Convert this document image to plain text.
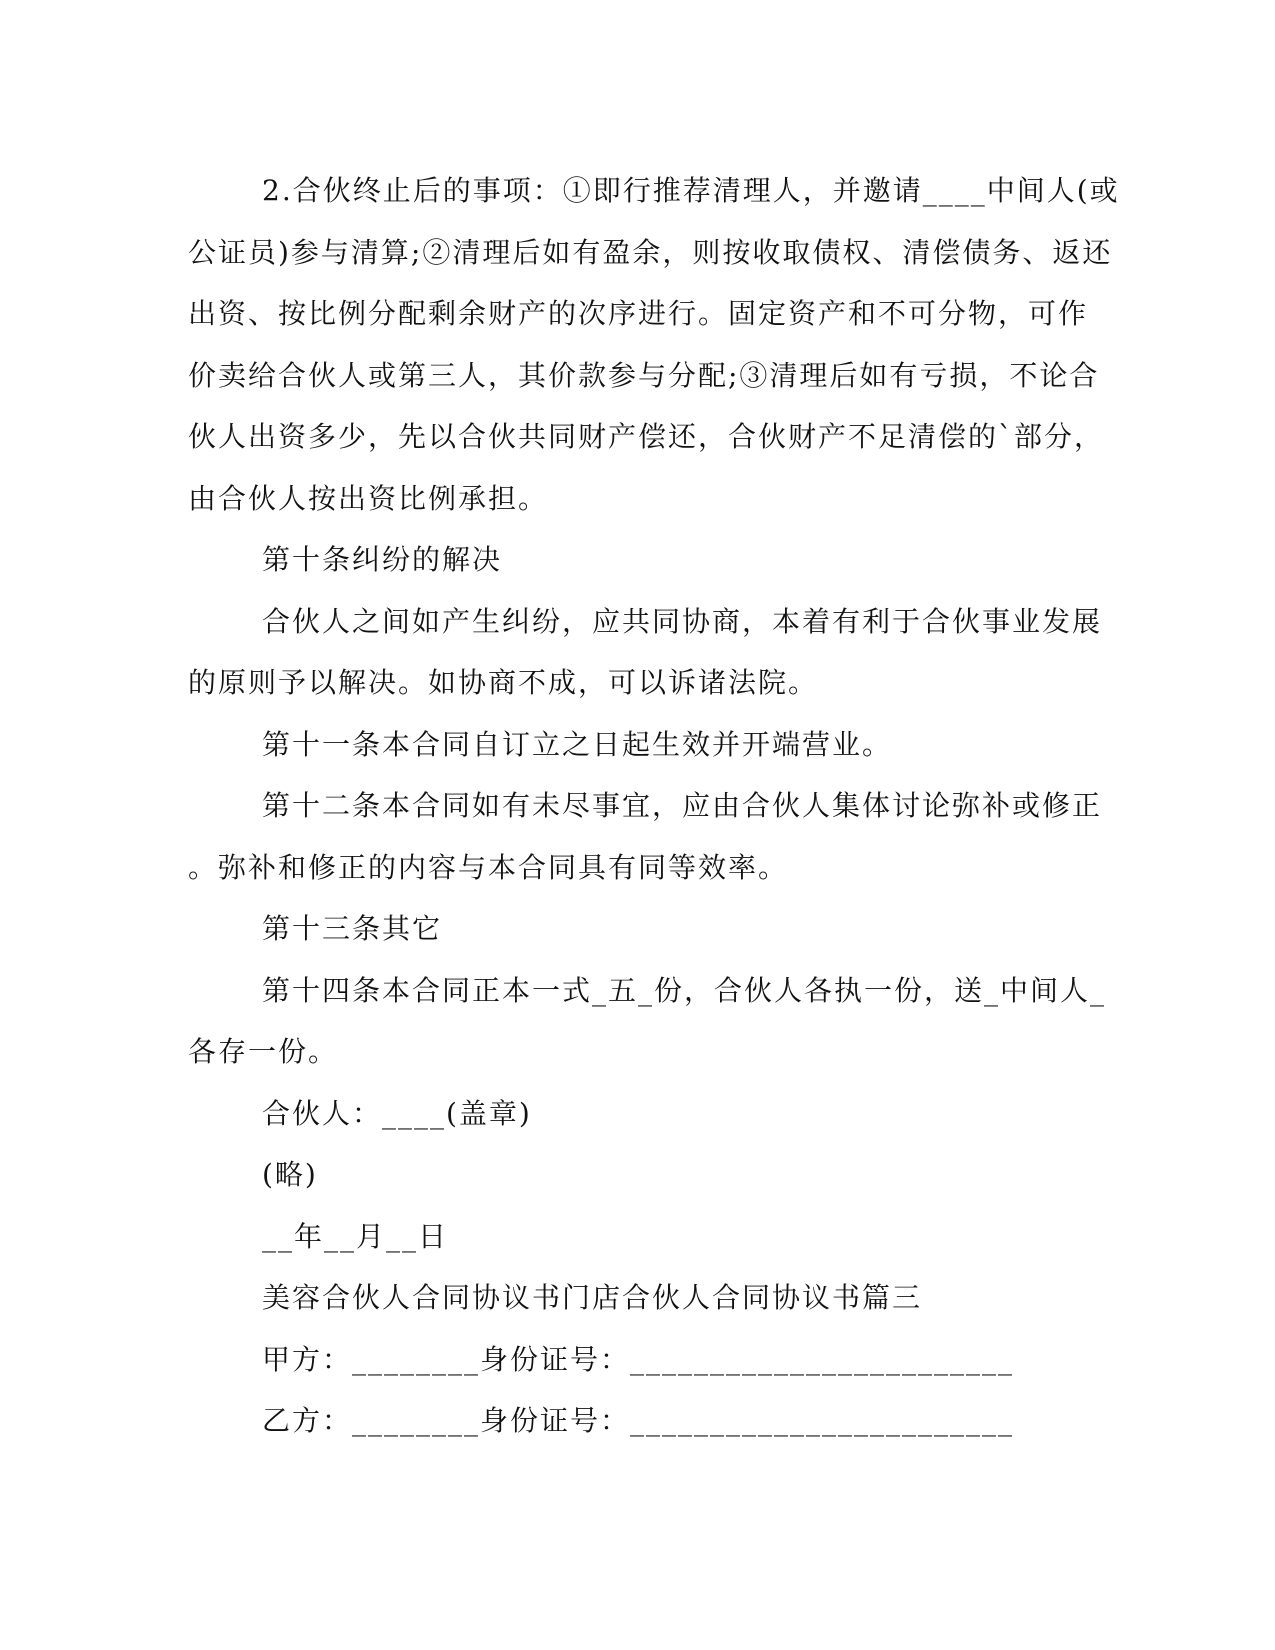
2.合伙终止后的事项：①即行推荐清理人，并邀请____中间人(或
公证员)参与清算;②清理后如有盈余，则按收取债权、清偿债务、返还
出资、按比例分配剩余财产的次序进行。固定资产和不可分物，可作
价卖给合伙人或第三人，其价款参与分配;③清理后如有亏损，不论合
伙人出资多少，先以合伙共同财产偿还，合伙财产不足清偿的`部分，
由合伙人按出资比例承担。
第十条纠纷的解决
合伙人之间如产生纠纷，应共同协商，本着有利于合伙事业发展
的原则予以解决。如协商不成，可以诉诸法院。
第十一条本合同自订立之日起生效并开端营业。
第十二条本合同如有未尽事宜，应由合伙人集体讨论弥补或修正
。弥补和修正的内容与本合同具有同等效率。
第十三条其它
第十四条本合同正本一式_五_份，合伙人各执一份，送_中间人_
各存一份。
合伙人：____(盖章)
(略)
__年__月__日
美容合伙人合同协议书门店合伙人合同协议书篇三
甲方：________身份证号：________________________
乙方：________身份证号：________________________
